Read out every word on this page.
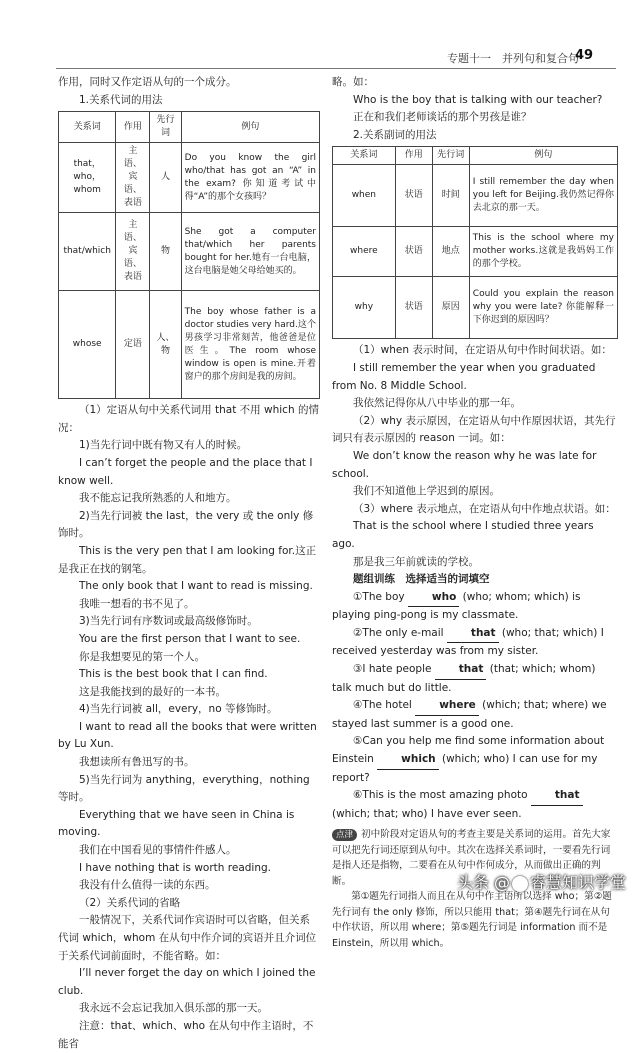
专题十一　并列句和复合句
49

作用，同时又作定语从句的一个成分。

1.关系代词的用法

关系词	作用	先行词	例句
that，who，whom	主语、宾语、表语	人	Do you know the girl who/that has got an “A” in the exam? 你知道考试中得“A”的那个女孩吗？
that/which	主语、宾语、表语	物	She got a computer that/which her parents bought for her.她有一台电脑，这台电脑是她父母给她买的。
whose	定语	人、物	The boy whose father is a doctor studies very hard.这个男孩学习非常刻苦，他爸爸是位医生。The room whose window is open is mine.开着窗户的那个房间是我的房间。

（1）定语从句中关系代词用 that 不用 which 的情况：

1)当先行词中既有物又有人的时候。

I can’t forget the people and the place that I know well.

我不能忘记我所熟悉的人和地方。

2)当先行词被 the last，the very 或 the only 修饰时。

This is the very pen that I am looking for.这正是我正在找的钢笔。

The only book that I want to read is missing.

我唯一想看的书不见了。

3)当先行词有序数词或最高级修饰时。

You are the first person that I want to see.

你是我想要见的第一个人。

This is the best book that I can find.

这是我能找到的最好的一本书。

4)当先行词被 all，every，no 等修饰时。

I want to read all the books that were written by Lu Xun.

我想读所有鲁迅写的书。

5)当先行词为 anything，everything，nothing 等时。

Everything that we have seen in China is moving.

我们在中国看见的事情件件感人。

I have nothing that is worth reading.

我没有什么值得一读的东西。

（2）关系代词的省略

一般情况下，关系代词作宾语时可以省略，但关系代词 which，whom 在从句中作介词的宾语并且介词位于关系代词前面时，不能省略。如：

I’ll never forget the day on which I joined the club.

我永远不会忘记我加入俱乐部的那一天。

注意：that、which、who 在从句中作主语时，不能省

略。如：

Who is the boy that is talking with our teacher?

正在和我们老师谈话的那个男孩是谁？

2.关系副词的用法

关系词	作用	先行词	例句
when	状语	时间	I still remember the day when you left for Beijing.我仍然记得你去北京的那一天。
where	状语	地点	This is the school where my mother works.这就是我妈妈工作的那个学校。
why	状语	原因	Could you explain the reason why you were late? 你能解释一下你迟到的原因吗？

（1）when 表示时间，在定语从句中作时间状语。如：

I still remember the year when you graduated from No. 8 Middle School.

我依然记得你从八中毕业的那一年。

（2）why 表示原因，在定语从句中作原因状语，其先行词只有表示原因的 reason 一词。如：

We don’t know the reason why he was late for school.

我们不知道他上学迟到的原因。

（3）where 表示地点，在定语从句中作地点状语。如：

That is the school where I studied three years ago.

那是我三年前就读的学校。

题组训练　选择适当的词填空

①The boy who (who; whom; which) is playing ping-pong is my classmate.

②The only e-mail that (who; that; which) I received yesterday was from my sister.

③I hate people that (that; which; whom) talk much but do little.

④The hotel where (which; that; where) we stayed last summer is a good one.

⑤Can you help me find some information about Einstein which (which; who) I can use for my report?

⑥This is the most amazing photo that (which; that; who) I have ever seen.

点津 初中阶段对定语从句的考查主要是关系词的运用。首先大家可以把先行词还原到从句中。其次在选择关系词时，一要看先行词是指人还是指物，二要看在从句中作何成分，从而做出正确的判断。

第①题先行词指人而且在从句中作主语所以选择 who；第②题先行词有 the only 修饰，所以只能用 that；第④题先行词在从句中作状语，所以用 where；第⑤题先行词是 information 而不是 Einstein，所以用 which。

头条 @ 睿慧知识学堂
